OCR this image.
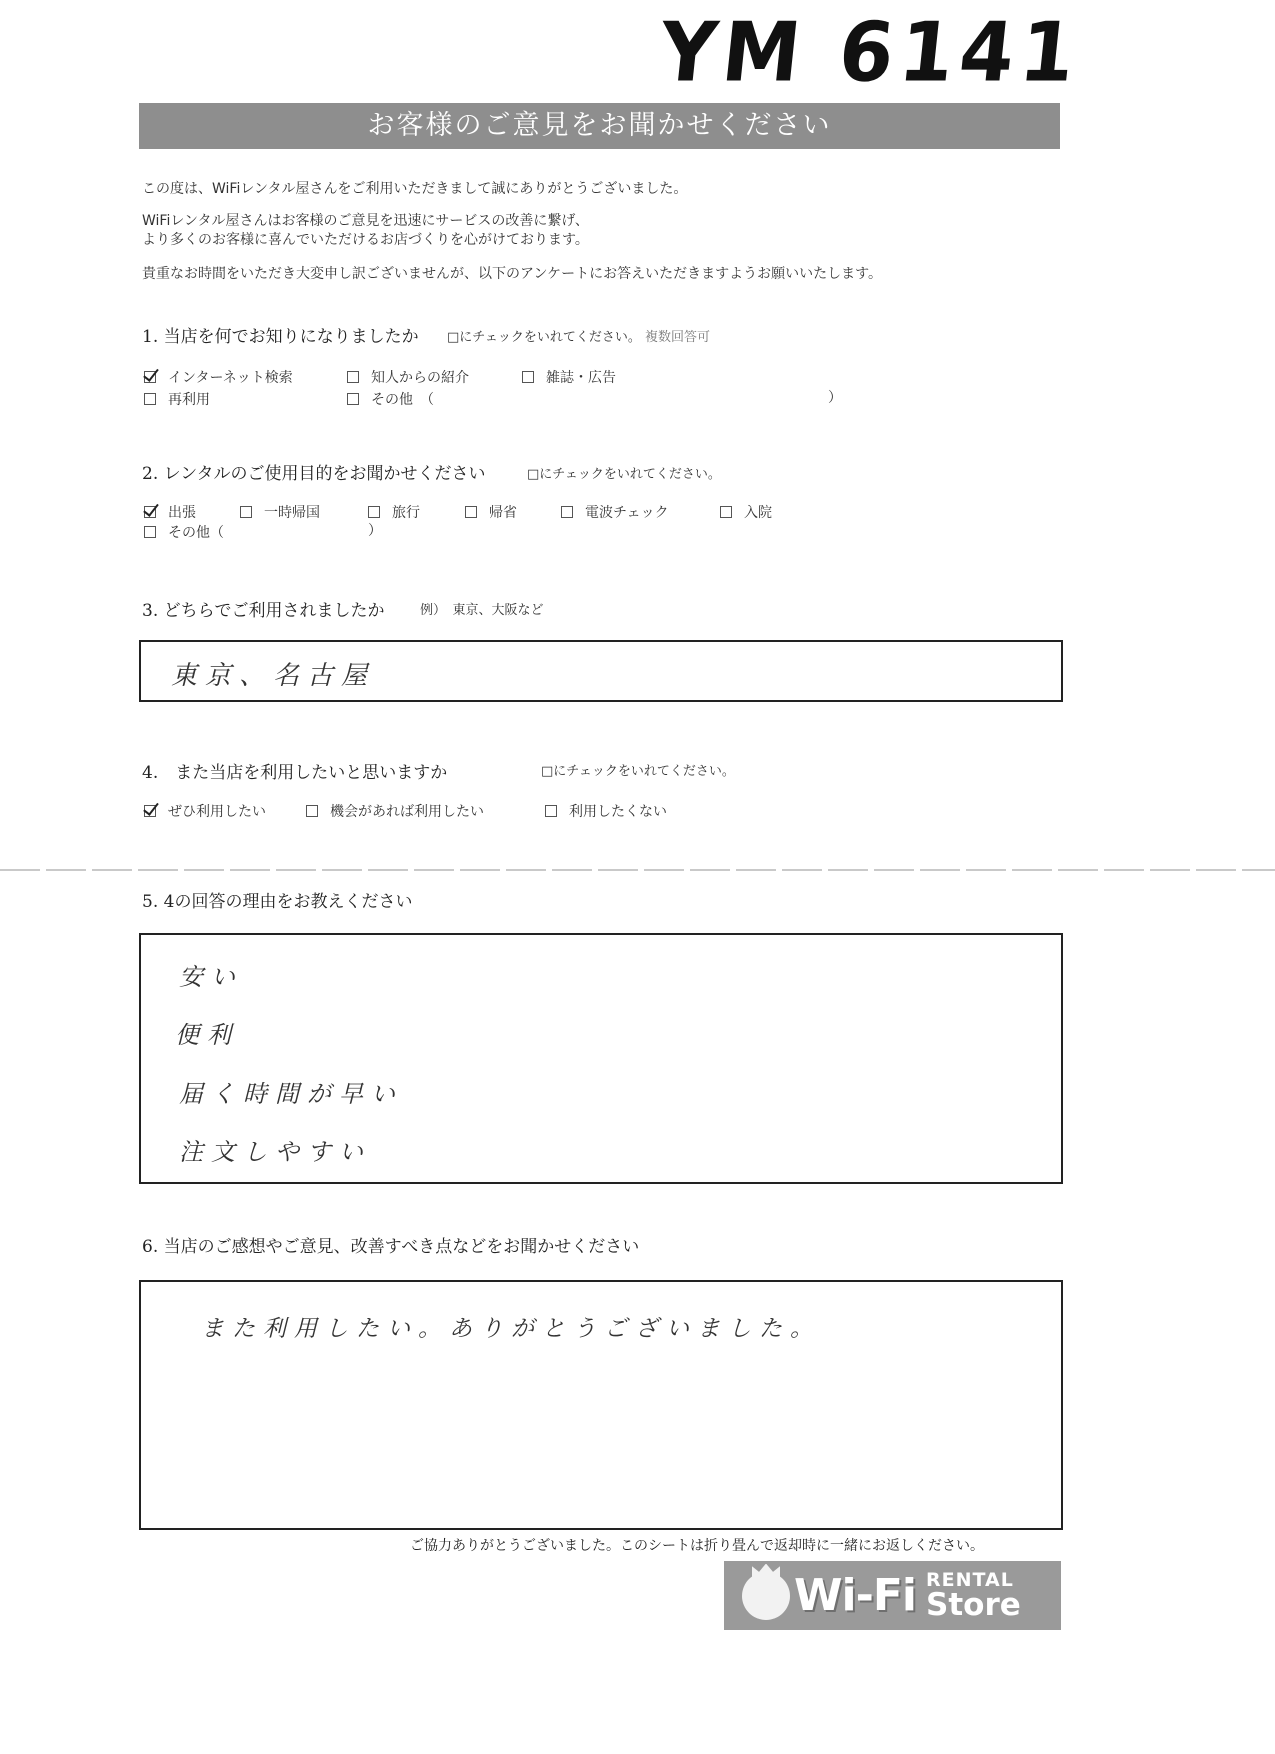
YM 6141
お客様のご意見をお聞かせください
この度は、WiFiレンタル屋さんをご利用いただきまして誠にありがとうございました。
WiFiレンタル屋さんはお客様のご意見を迅速にサービスの改善に繋げ、
より多くのお客様に喜んでいただけるお店づくりを心がけております。
貴重なお時間をいただき大変申し訳ございませんが、以下のアンケートにお答えいただきますようお願いいたします。
1. 当店を何でお知りになりましたか □にチェックをいれてください。 複数回答可
インターネット検索	知人からの紹介	雑誌・広告
再利用	その他　（	）
2. レンタルのご使用目的をお聞かせください	□にチェックをいれてください。
出張	一時帰国	旅行	帰省	電波チェック	入院
その他（	）
3. どちらでご利用されましたか	例）　東京、大阪など
東京、名古屋
4.　また当店を利用したいと思いますか	□にチェックをいれてください。
ぜひ利用したい	機会があれば利用したい	利用したくない
5. 4の回答の理由をお教えください
安い
便利
届く時間が早い
注文しやすい
6. 当店のご感想やご意見、改善すべき点などをお聞かせください
また利用したい。ありがとうございました。
ご協力ありがとうございました。このシートは折り畳んで返却時に一緒にお返しください。
Wi-Fi RENTAL
Store
